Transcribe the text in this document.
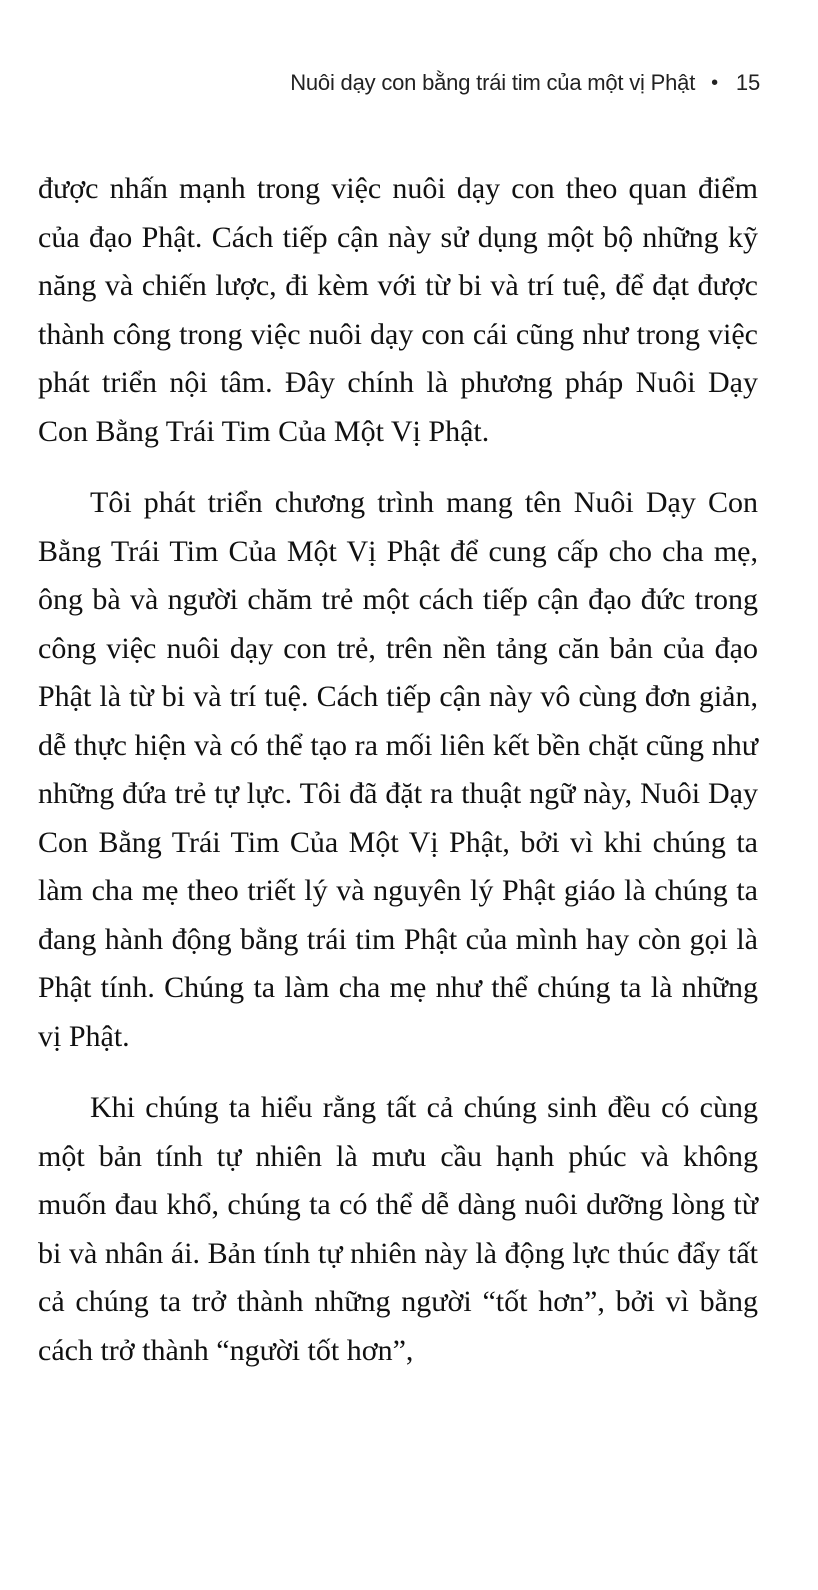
Nuôi dạy con bằng trái tim của một vị Phật • 15

được nhấn mạnh trong việc nuôi dạy con theo quan điểm của đạo Phật. Cách tiếp cận này sử dụng một bộ những kỹ năng và chiến lược, đi kèm với từ bi và trí tuệ, để đạt được thành công trong việc nuôi dạy con cái cũng như trong việc phát triển nội tâm. Đây chính là phương pháp Nuôi Dạy Con Bằng Trái Tim Của Một Vị Phật.

Tôi phát triển chương trình mang tên Nuôi Dạy Con Bằng Trái Tim Của Một Vị Phật để cung cấp cho cha mẹ, ông bà và người chăm trẻ một cách tiếp cận đạo đức trong công việc nuôi dạy con trẻ, trên nền tảng căn bản của đạo Phật là từ bi và trí tuệ. Cách tiếp cận này vô cùng đơn giản, dễ thực hiện và có thể tạo ra mối liên kết bền chặt cũng như những đứa trẻ tự lực. Tôi đã đặt ra thuật ngữ này, Nuôi Dạy Con Bằng Trái Tim Của Một Vị Phật, bởi vì khi chúng ta làm cha mẹ theo triết lý và nguyên lý Phật giáo là chúng ta đang hành động bằng trái tim Phật của mình hay còn gọi là Phật tính. Chúng ta làm cha mẹ như thể chúng ta là những vị Phật.

Khi chúng ta hiểu rằng tất cả chúng sinh đều có cùng một bản tính tự nhiên là mưu cầu hạnh phúc và không muốn đau khổ, chúng ta có thể dễ dàng nuôi dưỡng lòng từ bi và nhân ái. Bản tính tự nhiên này là động lực thúc đẩy tất cả chúng ta trở thành những người “tốt hơn”, bởi vì bằng cách trở thành “người tốt hơn”,
